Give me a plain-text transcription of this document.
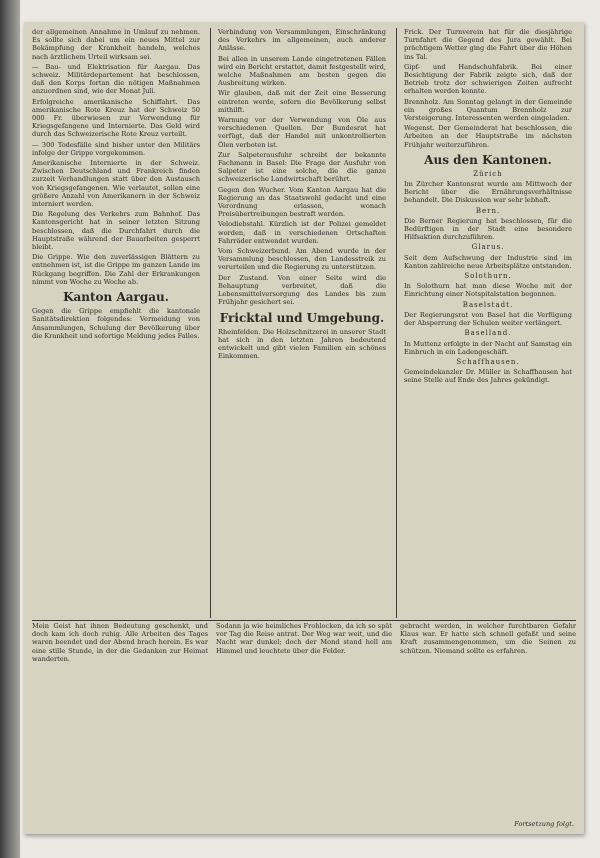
der allgemeinen Annahme in Umlauf zu nehmen. Es sollte sich dabei um ein neues Mittel zur Bekämpfung der Krankheit handeln, welches nach ärztlichem Urteil wirksam sei.

— Bau- und Elektrisation für Aargau. Das schweiz. Militärdepartement hat beschlossen, daß den Korps fortan die nötigen Maßnahmen anzuordnen sind, wie der Monat Juli.

Erfolgreiche amerikanische Schiffahrt. Das amerikanische Rote Kreuz hat der Schweiz 50 000 Fr. überwiesen zur Verwendung für Kriegsgefangene und Internierte. Das Geld wird durch das Schweizerische Rote Kreuz verteilt.

— 300 Todesfälle sind bisher unter den Militärs infolge der Grippe vorgekommen.

Amerikanische Internierte in der Schweiz. Zwischen Deutschland und Frankreich finden zurzeit Verhandlungen statt über den Austausch von Kriegsgefangenen. Wie verlautet, sollen eine größere Anzahl von Amerikanern in der Schweiz interniert werden.

Die Regelung des Verkehrs zum Bahnhof. Das Kantonsgericht hat in seiner letzten Sitzung beschlossen, daß die Durchfahrt durch die Hauptstraße während der Bauarbeiten gesperrt bleibt.

Die Grippe. Wie den zuverlässigen Blättern zu entnehmen ist, ist die Grippe im ganzen Lande im Rückgang begriffen. Die Zahl der Erkrankungen nimmt von Woche zu Woche ab.

Kanton Aargau.

Gegen die Grippe empfiehlt die kantonale Sanitätsdirektion folgendes: Vermeidung von Ansammlungen, Schulung der Bevölkerung über die Krankheit und sofortige Meldung jedes Falles.

Verbindung von Versammlungen, Einschränkung des Verkehrs im allgemeinen, auch anderer Anlässe.

Bei allen in unserem Lande eingetretenen Fällen wird ein Bericht erstattet, damit festgestellt wird, welche Maßnahmen am besten gegen die Ausbreitung wirken.

Wir glauben, daß mit der Zeit eine Besserung eintreten werde, sofern die Bevölkerung selbst mithilft.

Warnung vor der Verwendung von Öle aus verschiedenen Quellen. Der Bundesrat hat verfügt, daß der Handel mit unkontrollierten Ölen verboten ist.

Zur Salpeterausfuhr schreibt der bekannte Fachmann in Basel: Die Frage der Ausfuhr von Salpeter ist eine solche, die die ganze schweizerische Landwirtschaft berührt.

Gegen den Wucher. Vom Kanton Aargau hat die Regierung an das Staatswohl gedacht und eine Verordnung erlassen, wonach Preisübertreibungen bestraft werden.

Velodiebstahl. Kürzlich ist der Polizei gemeldet worden, daß in verschiedenen Ortschaften Fahrräder entwendet wurden.

Vom Schweizerbund. Am Abend wurde in der Versammlung beschlossen, den Landesstreik zu verurteilen und die Regierung zu unterstützen.

Der Zustand. Von einer Seite wird die Behauptung verbreitet, daß die Lebensmittelversorgung des Landes bis zum Frühjahr gesichert sei.

Fricktal und Umgebung.

Rheinfelden. Die Holzschnitzerei in unserer Stadt hat sich in den letzten Jahren bedeutend entwickelt und gibt vielen Familien ein schönes Einkommen.

Frick. Der Turnverein hat für die diesjährige Turnfahrt die Gegend des Jura gewählt. Bei prächtigem Wetter ging die Fahrt über die Höhen ins Tal.

Gipf- und Handschuhfabrik. Bei einer Besichtigung der Fabrik zeigte sich, daß der Betrieb trotz der schwierigen Zeiten aufrecht erhalten werden konnte.

Brennholz. Am Sonntag gelangt in der Gemeinde ein großes Quantum Brennholz zur Versteigerung. Interessenten werden eingeladen.

Wegenst. Der Gemeinderat hat beschlossen, die Arbeiten an der Hauptstraße im nächsten Frühjahr weiterzuführen.

Aus den Kantonen.
Zürich

Im Zürcher Kantonsrat wurde am Mittwoch der Bericht über die Ernährungsverhältnisse behandelt. Die Diskussion war sehr lebhaft.

Bern.

Die Berner Regierung hat beschlossen, für die Bedürftigen in der Stadt eine besondere Hilfsaktion durchzuführen.

Glarus.

Seit dem Aufschwung der Industrie sind im Kanton zahlreiche neue Arbeitsplätze entstanden.

Solothurn.

In Solothurn hat man diese Woche mit der Einrichtung einer Notspitalstation begonnen.

Baselstadt.

Der Regierungsrat von Basel hat die Verfügung der Absperrung der Schulen weiter verlängert.

Baselland.

In Muttenz erfolgte in der Nacht auf Samstag ein Einbruch in ein Ladengeschäft.

Schaffhausen.

Gemeindekanzler Dr. Müller in Schaffhausen hat seine Stelle auf Ende des Jahres gekündigt.

Mein Geist hat ihnen Bedeutung geschenkt, und doch kam ich doch ruhig. Alle Arbeiten des Tages waren beendet und der Abend brach herein. Es war eine stille Stunde, in der die Gedanken zur Heimat wanderten.
Sodann ja wie heimliches Frohlocken, da ich so spät vor Tag die Reise antrat. Der Weg war weit, und die Nacht war dunkel; doch der Mond stand hell am Himmel und leuchtete über die Felder.
gebracht werden, in welcher furchtbaren Gefahr Klaus war. Er hatte sich schnell gefaßt und seine Kraft zusammengenommen, um die Seinen zu schützen. Niemand sollte es erfahren.
Fortsetzung folgt.
